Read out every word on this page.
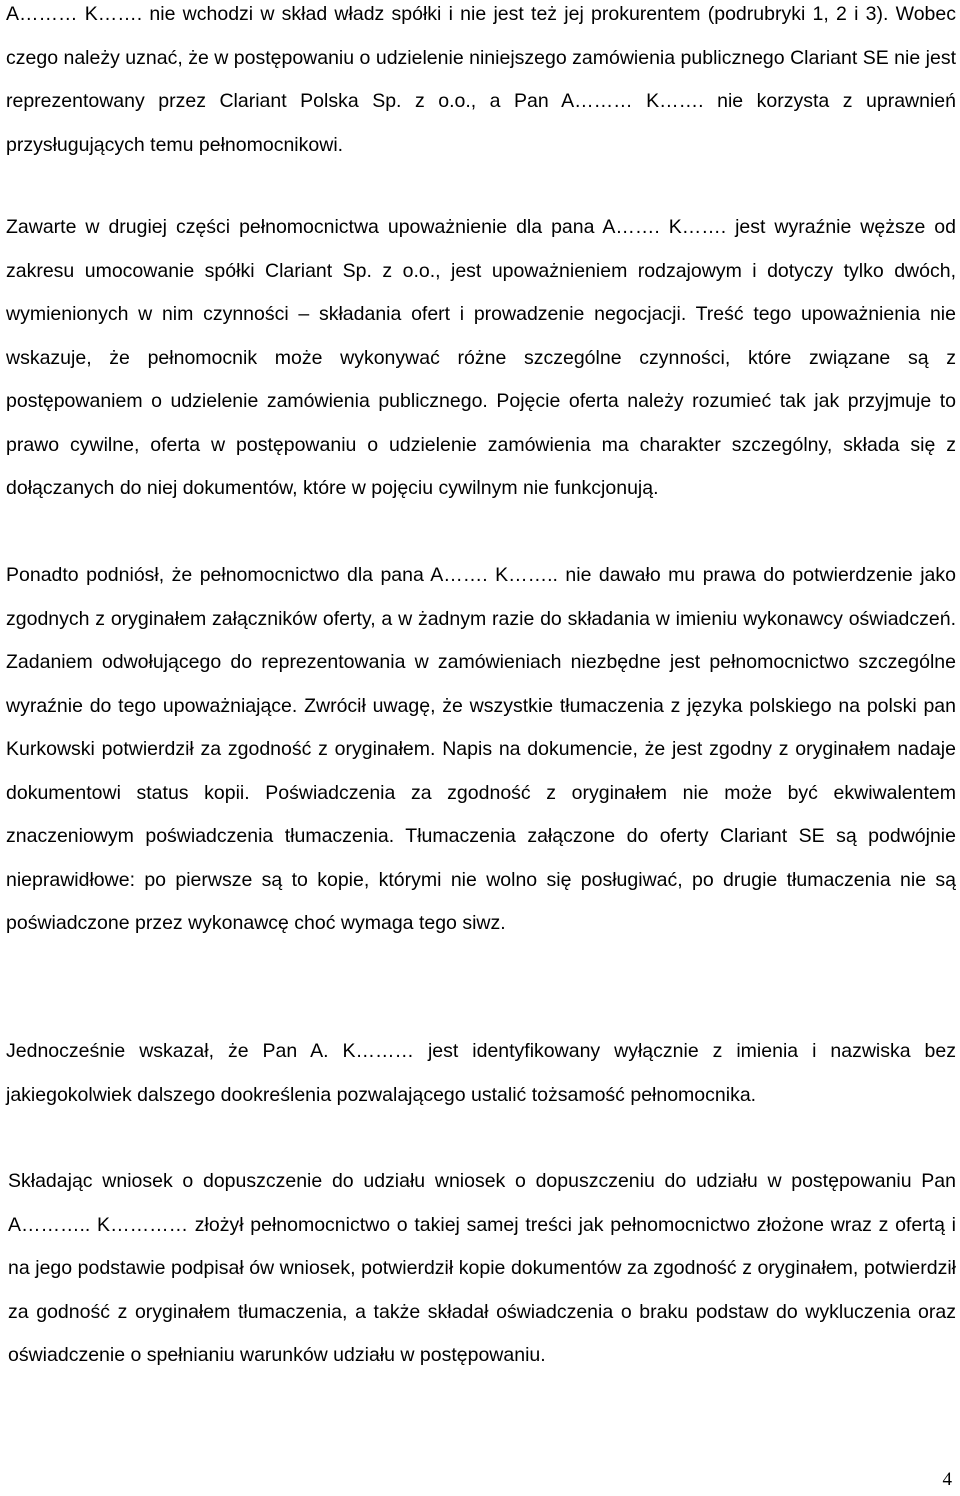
A……… K……. nie wchodzi w skład władz spółki i nie jest też jej prokurentem (podrubryki 1, 2 i 3). Wobec czego należy uznać, że w postępowaniu o udzielenie niniejszego zamówienia publicznego Clariant SE nie jest reprezentowany przez Clariant Polska Sp. z o.o., a Pan A……… K……. nie korzysta z uprawnień przysługujących temu pełnomocnikowi.

Zawarte w drugiej części pełnomocnictwa upoważnienie dla pana A……. K……. jest wyraźnie węższe od zakresu umocowanie spółki Clariant Sp. z o.o., jest upoważnieniem rodzajowym i dotyczy tylko dwóch, wymienionych w nim czynności – składania ofert i prowadzenie negocjacji. Treść tego upoważnienia nie wskazuje, że pełnomocnik może wykonywać różne szczególne czynności, które związane są z postępowaniem o udzielenie zamówienia publicznego. Pojęcie oferta należy rozumieć tak jak przyjmuje to prawo cywilne, oferta w postępowaniu o udzielenie zamówienia ma charakter szczególny, składa się z dołączanych do niej dokumentów, które w pojęciu cywilnym nie funkcjonują.

Ponadto podniósł, że pełnomocnictwo dla pana A……. K…….. nie dawało mu prawa do potwierdzenie jako zgodnych z oryginałem załączników oferty, a w żadnym razie do składania w imieniu wykonawcy oświadczeń. Zadaniem odwołującego do reprezentowania w zamówieniach niezbędne jest pełnomocnictwo szczególne wyraźnie do tego upoważniające. Zwrócił uwagę, że wszystkie tłumaczenia z języka polskiego na polski pan Kurkowski potwierdził za zgodność z oryginałem. Napis na dokumencie, że jest zgodny z oryginałem nadaje dokumentowi status kopii. Poświadczenia za zgodność z oryginałem nie może być ekwiwalentem znaczeniowym poświadczenia tłumaczenia. Tłumaczenia załączone do oferty Clariant SE są podwójnie nieprawidłowe: po pierwsze są to kopie, którymi nie wolno się posługiwać, po drugie tłumaczenia nie są poświadczone przez wykonawcę choć wymaga tego siwz.

Jednocześnie wskazał, że Pan A. K……… jest identyfikowany wyłącznie z imienia i nazwiska bez jakiegokolwiek dalszego dookreślenia pozwalającego ustalić tożsamość pełnomocnika.

Składając wniosek o dopuszczenie do udziału wniosek o dopuszczeniu do udziału w postępowaniu Pan A……….. K………… złożył pełnomocnictwo o takiej samej treści jak pełnomocnictwo złożone wraz z ofertą i na jego podstawie podpisał ów wniosek, potwierdził kopie dokumentów za zgodność z oryginałem, potwierdził za godność z oryginałem tłumaczenia, a także składał oświadczenia o braku podstaw do wykluczenia oraz oświadczenie o spełnianiu warunków udziału w postępowaniu.

4
